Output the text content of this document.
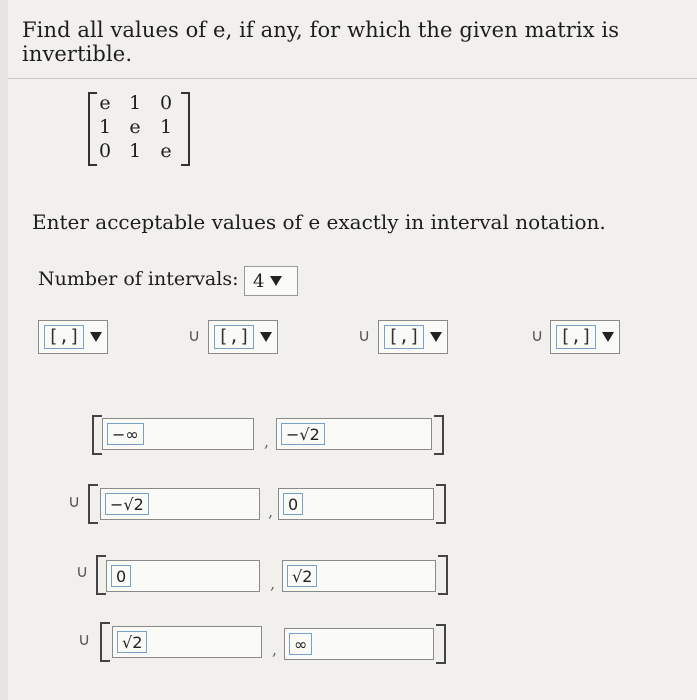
Find all values of e, if any, for which the given matrix is invertible.
e 1 0
1 e	1
0 1	e
Enter acceptable values of e exactly in interval notation.
Number of intervals: 4
[,]	∪ [,]	∪ [,]	∪ [,]
−∞	,	−√2
∪	−√2	, 0
∪	0	,	√2
∪	√2	,	∞
